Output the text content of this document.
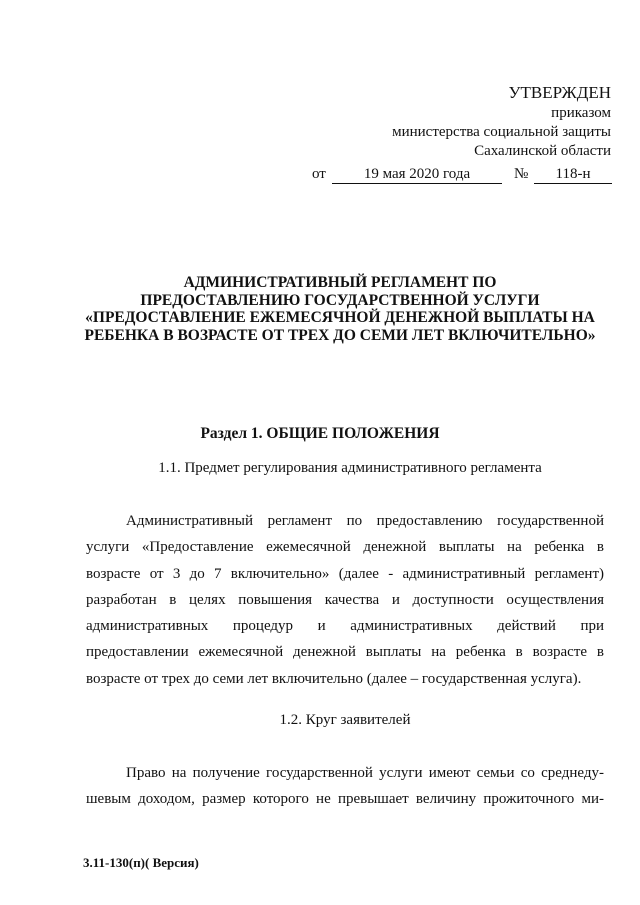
УТВЕРЖДЕН
приказом
министерства социальной защиты
Сахалинской области
от	19 мая 2020 года	№	118-н
АДМИНИСТРАТИВНЫЙ РЕГЛАМЕНТ ПО
ПРЕДОСТАВЛЕНИЮ ГОСУДАРСТВЕННОЙ УСЛУГИ
«ПРЕДОСТАВЛЕНИЕ ЕЖЕМЕСЯЧНОЙ ДЕНЕЖНОЙ ВЫПЛАТЫ НА
РЕБЕНКА В ВОЗРАСТЕ ОТ ТРЕХ ДО СЕМИ ЛЕТ ВКЛЮЧИТЕЛЬНО»
Раздел 1. ОБЩИЕ ПОЛОЖЕНИЯ
1.1. Предмет регулирования административного регламента
Административный регламент по предоставлению государственной
услуги «Предоставление ежемесячной денежной выплаты на ребенка в
возрасте от 3 до 7 включительно» (далее - административный регламент)
разработан в целях повышения качества и доступности осуществления
административных процедур и административных действий при
предоставлении ежемесячной денежной выплаты на ребенка в возрасте в
возрасте от трех до семи лет включительно (далее – государственная услуга).
1.2. Круг заявителей
Право на получение государственной услуги имеют семьи со среднеду-
шевым доходом, размер которого не превышает величину прожиточного ми-
3.11-130(п)( Версия)
